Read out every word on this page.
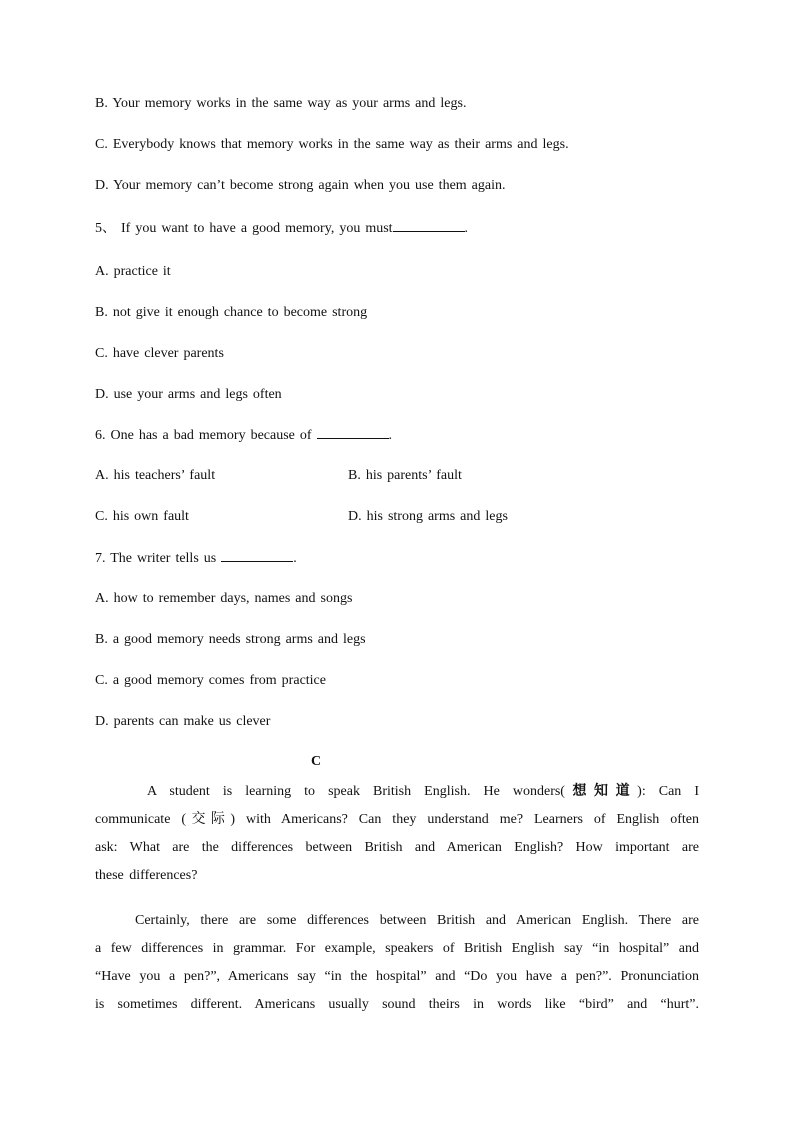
B. Your memory works in the same way as your arms and legs.
C. Everybody knows that memory works in the same way as their arms and legs.
D. Your memory can’t become strong again when you use them again.
5、 If you want to have a good memory, you must	.
A. practice it
B. not give it enough chance to become strong
C. have clever parents
D. use your arms and legs often
6. One has a bad memory because of	.
A. his teachers’ fault	B. his parents’ fault
C. his own fault	D. his strong arms and legs
7. The writer tells us	.
A. how to remember days, names and songs
B. a good memory needs strong arms and legs
C. a good memory comes from practice
D. parents can make us clever
C
A student is learning to speak British English. He wonders(想知道): Can I
communicate (交际) with Americans? Can they understand me? Learners of English often
ask: What are the differences between British and American English? How important are
these differences?
Certainly, there are some differences between British and American English. There are
a few differences in grammar. For example, speakers of British English say “in hospital” and
“Have you a pen?”, Americans say “in the hospital” and “Do you have a pen?”. Pronunciation
is sometimes different. Americans usually sound theirs in words like “bird” and “hurt”.
